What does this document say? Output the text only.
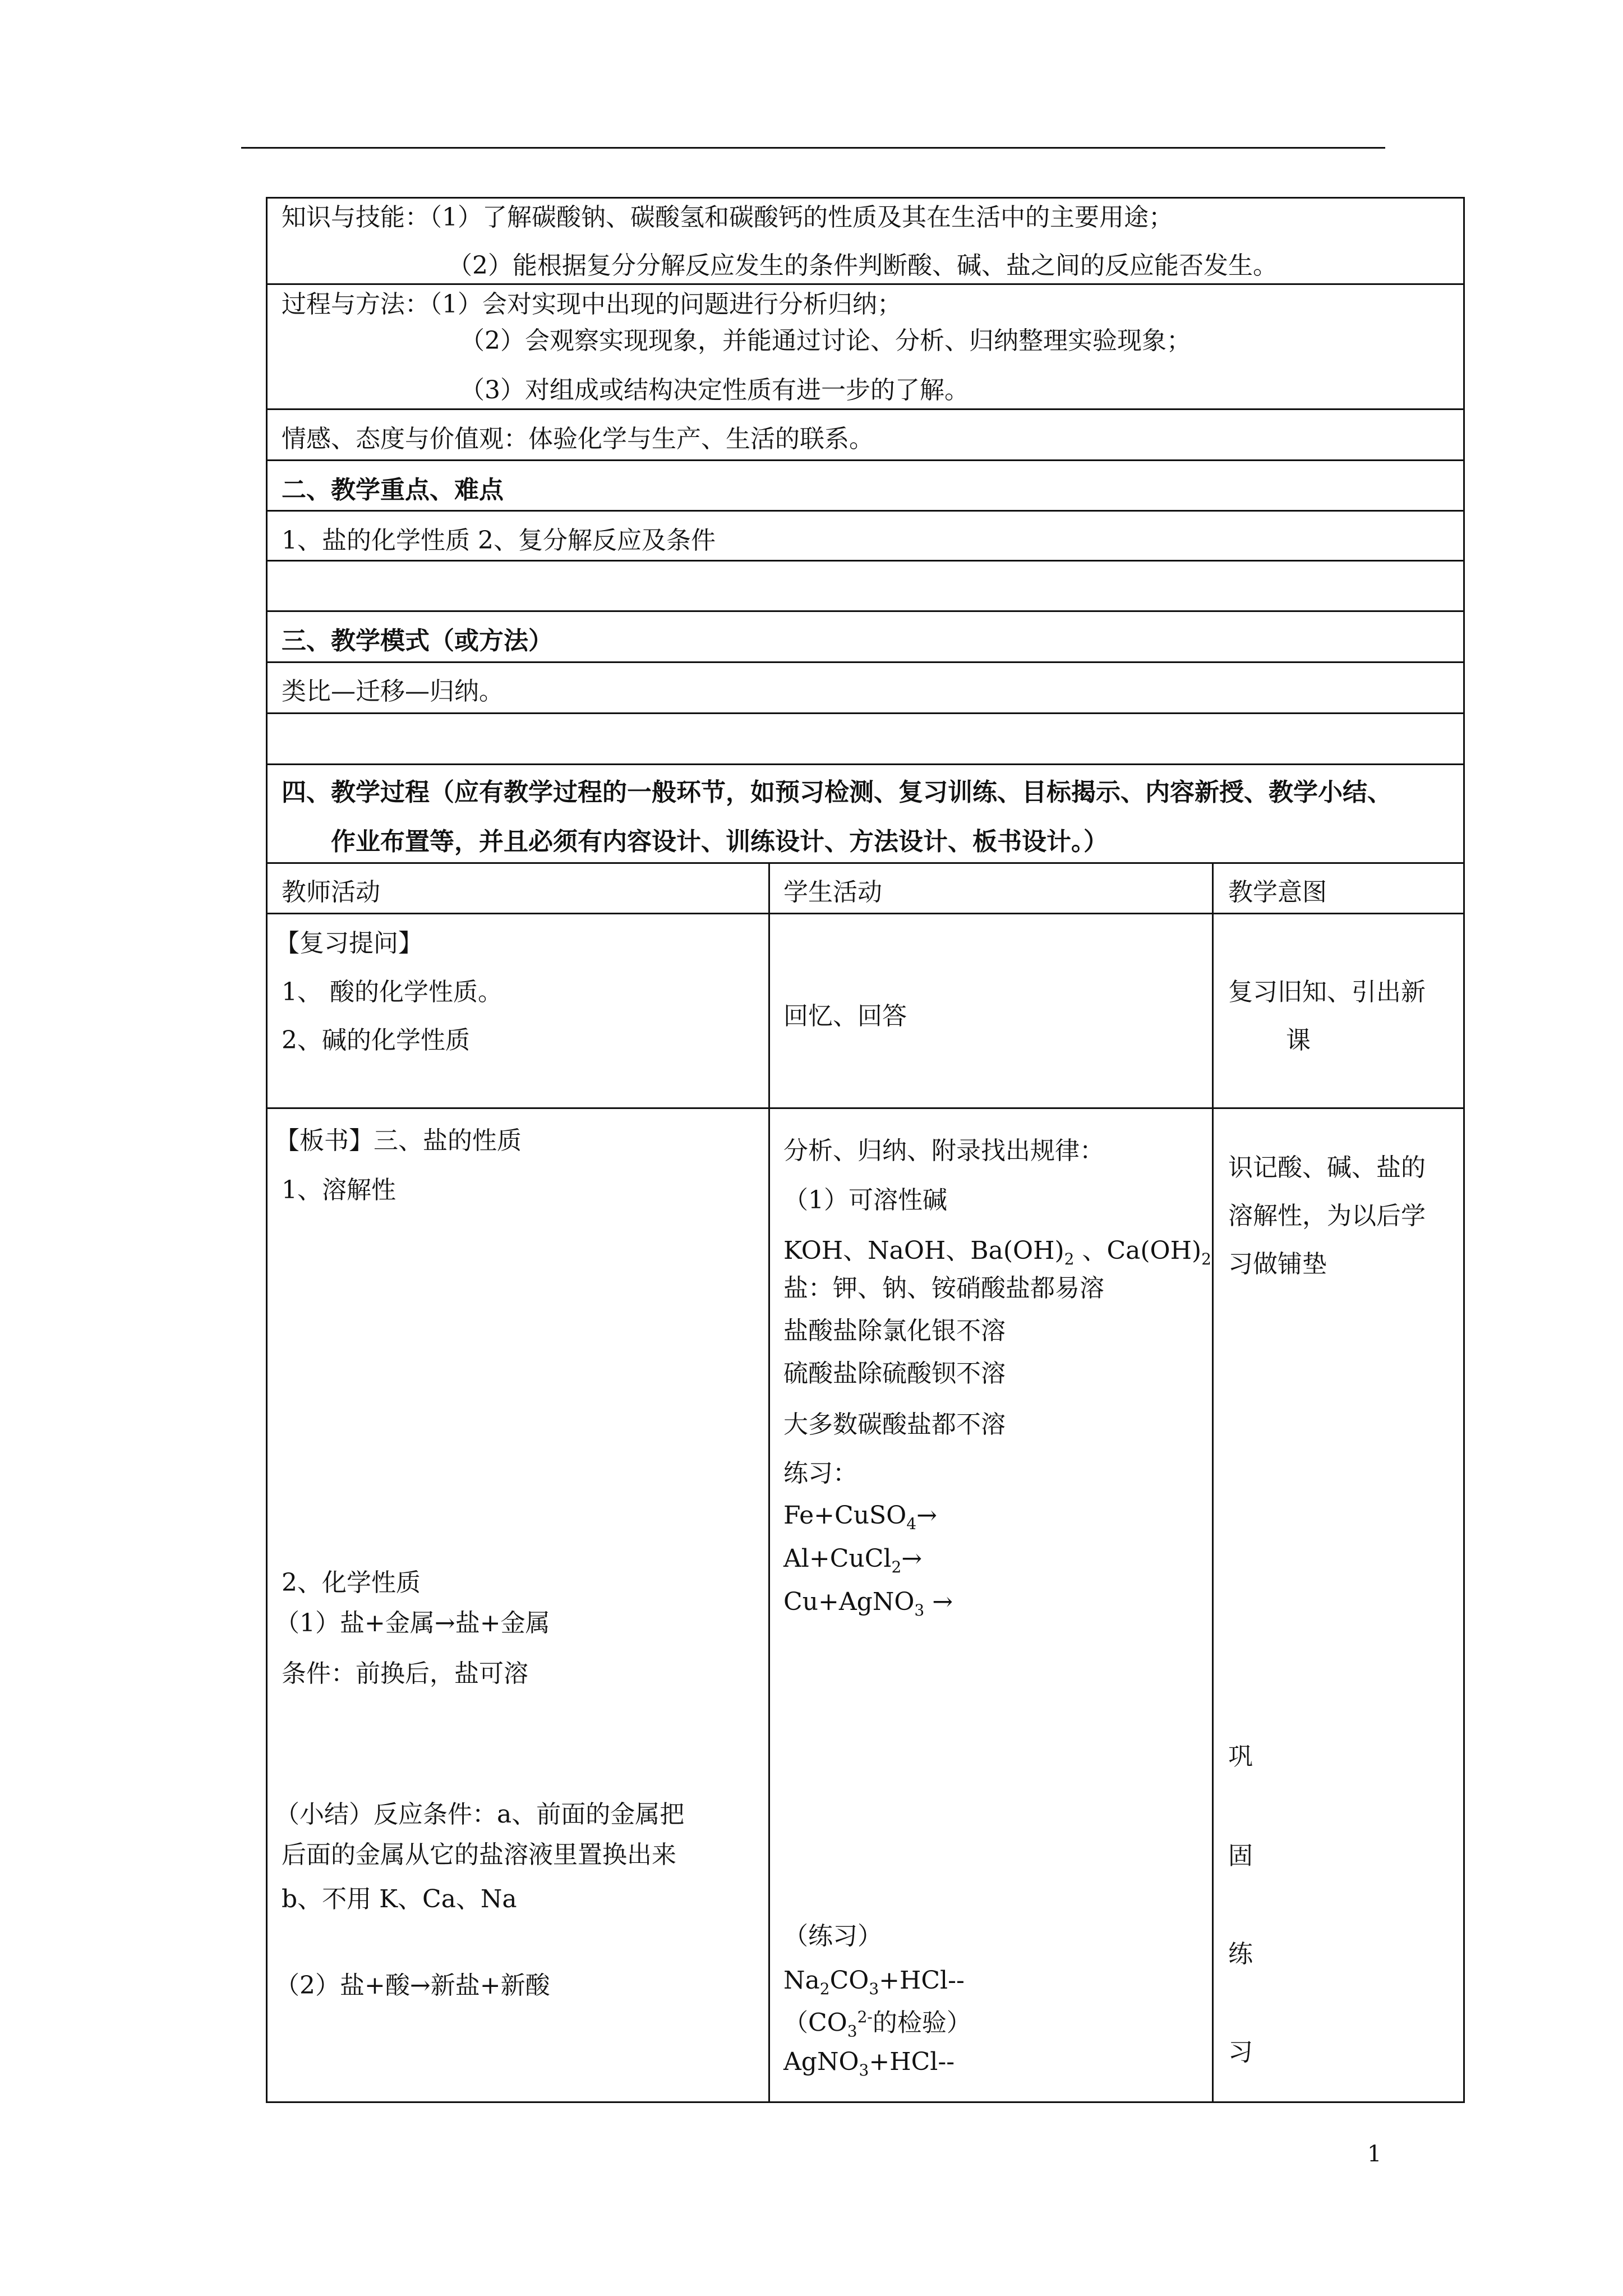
知识与技能：（1）了解碳酸钠、碳酸氢和碳酸钙的性质及其在生活中的主要用途；
（2）能根据复分分解反应发生的条件判断酸、碱、盐之间的反应能否发生。
过程与方法：（1）会对实现中出现的问题进行分析归纳；
（2）会观察实现现象，并能通过讨论、分析、归纳整理实验现象；
（3）对组成或结构决定性质有进一步的了解。
情感、态度与价值观：体验化学与生产、生活的联系。
二、教学重点、难点
1、盐的化学性质 2、复分解反应及条件
三、教学模式（或方法）
类比—迁移—归纳。
四、教学过程（应有教学过程的一般环节，如预习检测、复习训练、目标揭示、内容新授、教学小结、
作业布置等，并且必须有内容设计、训练设计、方法设计、板书设计。）
教师活动	学生活动	教学意图
【复习提问】
1、 酸的化学性质。
2、碱的化学性质
回忆、回答
复习旧知、引出新
课
【板书】三、盐的性质
1、溶解性
2、化学性质
（1）盐+金属→盐+金属
条件：前换后，盐可溶
（小结）反应条件：a、前面的金属把
后面的金属从它的盐溶液里置换出来
b、不用 K、Ca、Na
（2）盐+酸→新盐+新酸
分析、归纳、附录找出规律：
（1）可溶性碱
KOH、NaOH、$Ba(OH)_2$ 、$Ca(OH)_2$
盐：钾、钠、铵硝酸盐都易溶
盐酸盐除氯化银不溶
硫酸盐除硫酸钡不溶
大多数碳酸盐都不溶
练习：
Fe+CuSO$_4$→
Al+CuCl$_2$→
Cu+AgNO$_3$ →
（练习）
$Na_2CO_3+HCl--$
（$CO_3^{2-}$的检验）
AgNO$_3$+HCl--
识记酸、碱、盐的
溶解性，为以后学
习做铺垫
巩
固
练
习
1
